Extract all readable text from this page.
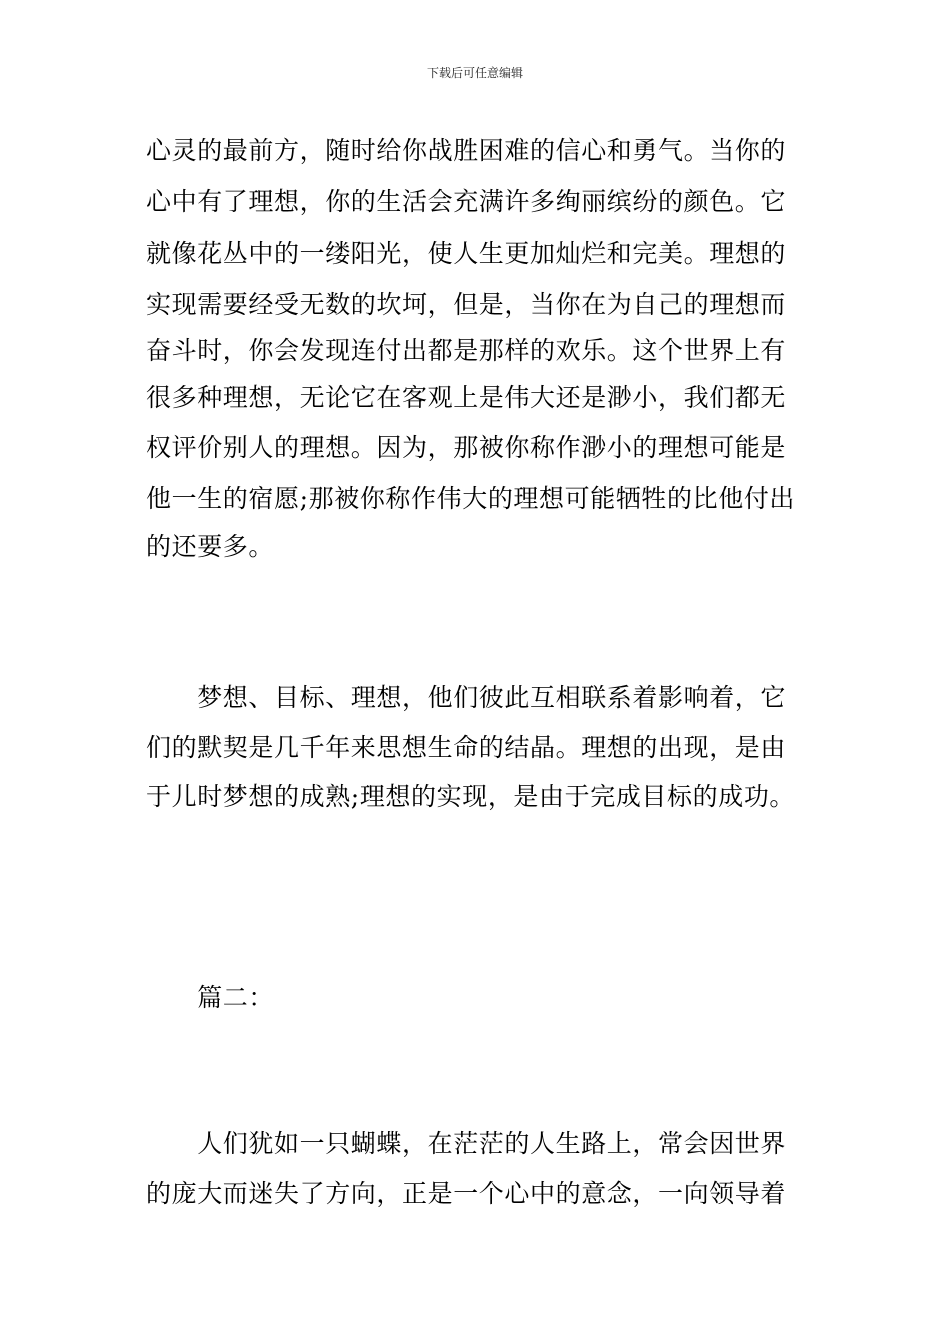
下载后可任意编辑
心灵的最前方，随时给你战胜困难的信心和勇气。当你的
心中有了理想，你的生活会充满许多绚丽缤纷的颜色。它
就像花丛中的一缕阳光，使人生更加灿烂和完美。理想的
实现需要经受无数的坎坷，但是，当你在为自己的理想而
奋斗时，你会发现连付出都是那样的欢乐。这个世界上有
很多种理想，无论它在客观上是伟大还是渺小，我们都无
权评价别人的理想。因为，那被你称作渺小的理想可能是
他一生的宿愿;那被你称作伟大的理想可能牺牲的比他付出
的还要多。
　　梦想、目标、理想，他们彼此互相联系着影响着，它
们的默契是几千年来思想生命的结晶。理想的出现，是由
于儿时梦想的成熟;理想的实现，是由于完成目标的成功。
　　篇二：
　　人们犹如一只蝴蝶，在茫茫的人生路上，常会因世界
的庞大而迷失了方向，正是一个心中的意念，一向领导着
